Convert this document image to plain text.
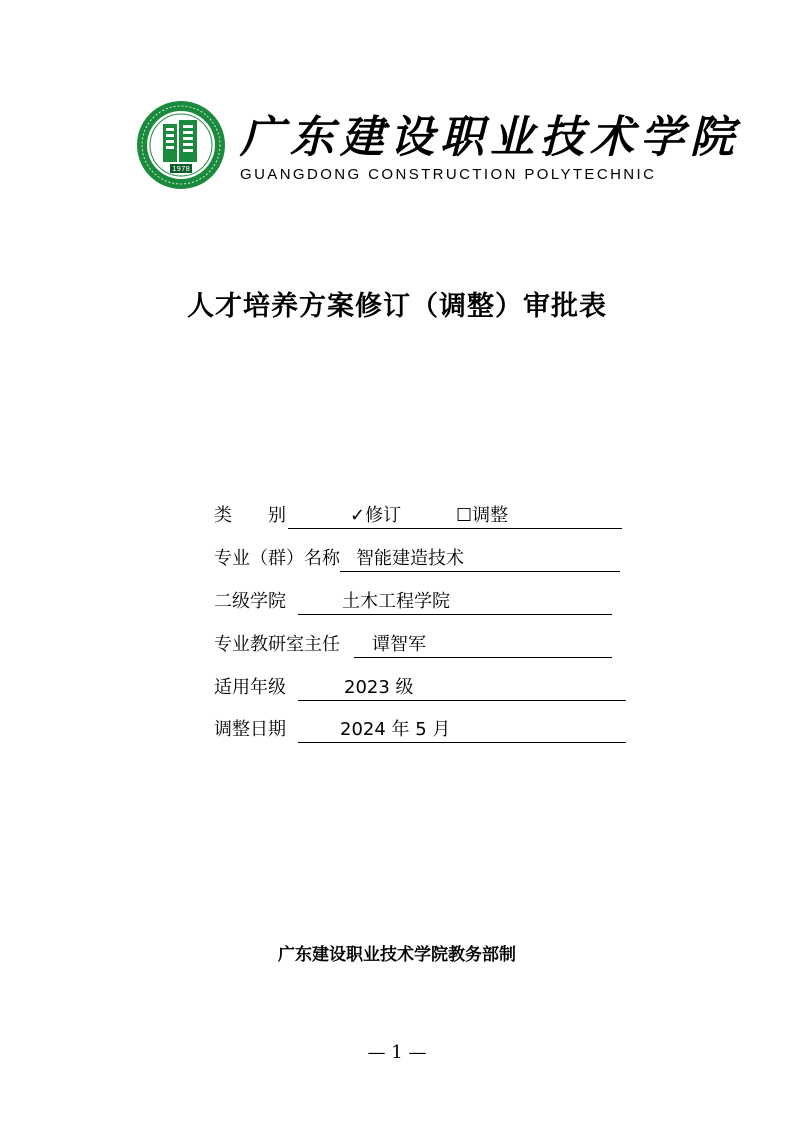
1978
广东建设职业技术学院
GUANGDONG CONSTRUCTION POLYTECHNIC
人才培养方案修订（调整）审批表
类　　别	✓修订	☐调整
专业（群）名称 智能建造技术
二级学院	土木工程学院
专业教研室主任 谭智军
适用年级	2023 级
调整日期	2024 年 5 月
广东建设职业技术学院教务部制
— 1 —
